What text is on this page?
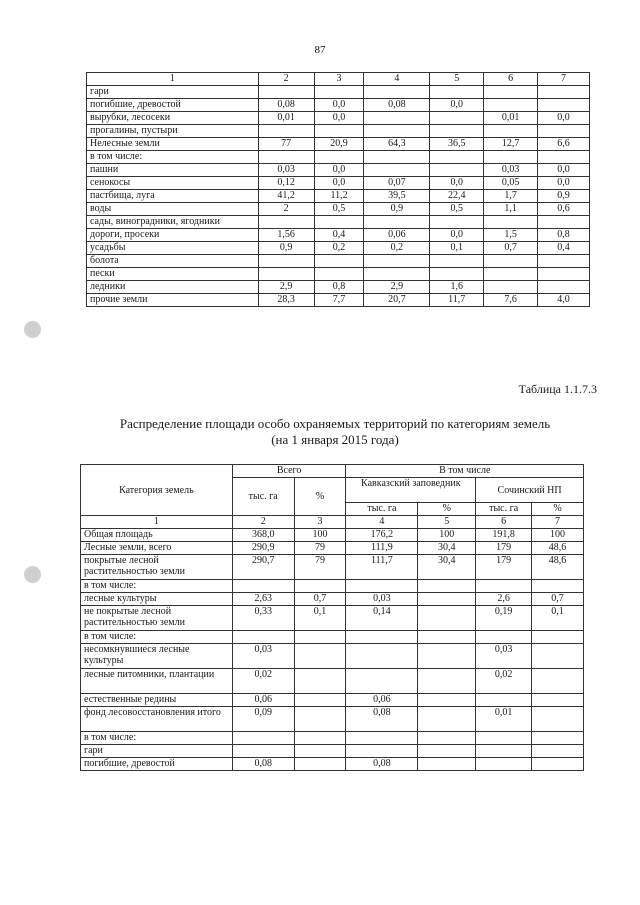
87
1	2	3	4	5	6	7
гари						
погибшие, древостой	0,08	0,0	0,08	0,0		
вырубки, лесосеки	0,01	0,0			0,01	0,0
прогалины, пустыри						
Нелесные земли	77	20,9	64,3	36,5	12,7	6,6
в том числе:						
пашни	0,03	0,0			0,03	0,0
сенокосы	0,12	0,0	0,07	0,0	0,05	0,0
пастбища, луга	41,2	11,2	39,5	22,4	1,7	0,9
воды	2	0,5	0,9	0,5	1,1	0,6
сады, виноградники, ягодники						
дороги, просеки	1,56	0,4	0,06	0,0	1,5	0,8
усадьбы	0,9	0,2	0,2	0,1	0,7	0,4
болота						
пески						
ледники	2,9	0,8	2,9	1,6		
прочие земли	28,3	7,7	20,7	11,7	7,6	4,0
Таблица 1.1.7.3
Распределение площади особо охраняемых территорий по категориям земель
(на 1 января 2015 года)
Категория земель	Всего		В том числе			
	тыс. га	%	Кавказский заповедник		Сочинский НП	
			тыс. га	%	тыс. га	%
1	2	3	4	5	6	7
Общая площадь	368,0	100	176,2	100	191,8	100
Лесные земли, всего	290,9	79	111,9	30,4	179	48,6
покрытые лесной растительностью земли	290,7	79	111,7	30,4	179	48,6
в том числе:						
лесные культуры	2,63	0,7	0,03		2,6	0,7
не покрытые лесной растительностью земли	0,33	0,1	0,14		0,19	0,1
в том числе:						
несомкнувшиеся лесные культуры	0,03				0,03	
лесные питомники, плантации	0,02				0,02	
естественные редины	0,06		0,06			
фонд лесовосстановления итого	0,09		0,08		0,01	
в том числе:						
гари						
погибшие, древостой	0,08		0,08			
